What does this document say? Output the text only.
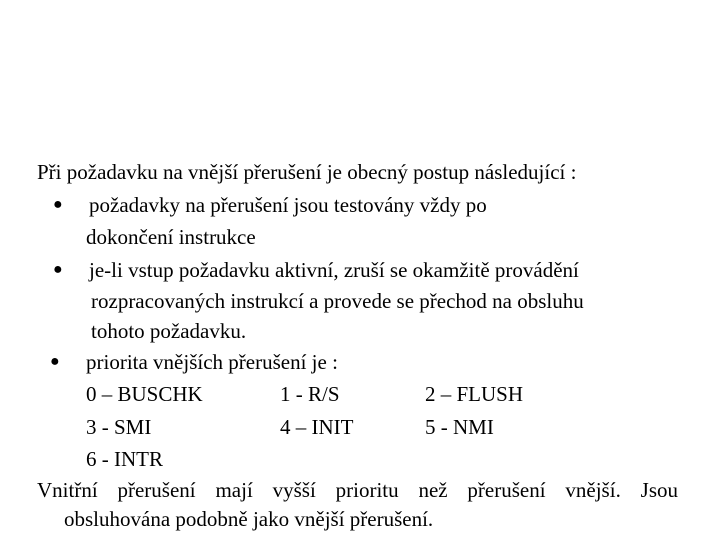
Při požadavku na vnější přerušení je obecný postup následující :
● požadavky na přerušení jsou testovány vždy po
dokončení instrukce
● je-li vstup požadavku aktivní, zruší se okamžitě provádění
rozpracovaných instrukcí a provede se přechod na obsluhu
tohoto požadavku.
● priorita vnějších přerušení je :
0 – BUSCHK	1 - R/S	2 – FLUSH
3 - SMI	4 – INIT	5 - NMI
6 - INTR
Vnitřní přerušení mají vyšší prioritu než přerušení vnější. Jsou
obsluhována podobně jako vnější přerušení.
